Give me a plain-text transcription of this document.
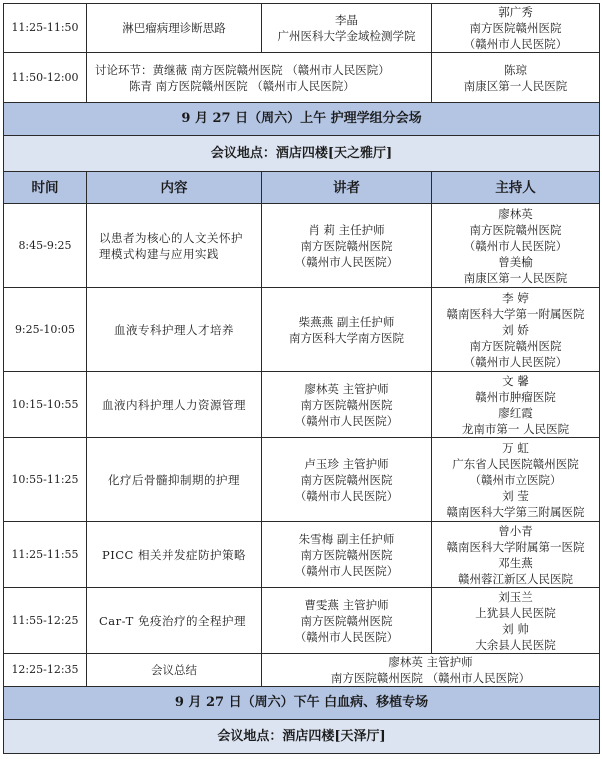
11:25-11:50	淋巴瘤病理诊断思路	李晶
广州医科大学金域检测学院	郭广秀
南方医院赣州医院
（赣州市人民医院）

11:50-12:00	讨论环节：黄继薇 南方医院赣州医院 （赣州市人民医院）
陈青 南方医院赣州医院 （赣州市人民医院）		陈琼
南康区第一人民医院

9 月 27 日（周六）上午 护理学组分会场			
会议地点：酒店四楼[天之雅厅]			
时间	内容	讲者	主持人
8:45-9:25	以患者为核心的人文关怀护理模式构建与应用实践	肖 莉 主任护师
南方医院赣州医院
（赣州市人民医院）	廖林英
南方医院赣州医院
（赣州市人民医院）
曾美榆
南康区第一人民医院

9:25-10:05	血液专科护理人才培养	柴燕燕 副主任护师
南方医科大学南方医院	李 婷
赣南医科大学第一附属医院
刘 娇
南方医院赣州医院
（赣州市人民医院）

10:15-10:55	血液内科护理人力资源管理	廖林英 主管护师
南方医院赣州医院
（赣州市人民医院）	文 馨
赣州市肿瘤医院
廖红霞
龙南市第一 人民医院

10:55-11:25	化疗后骨髓抑制期的护理	卢玉珍 主管护师
南方医院赣州医院
（赣州市人民医院）	万 虹
广东省人民医院赣州医院
（赣州市立医院）
刘 莹
赣南医科大学第三附属医院

11:25-11:55	PICC 相关并发症防护策略	朱雪梅 副主任护师
南方医院赣州医院
（赣州市人民医院）	曾小青
赣南医科大学附属第一医院
邓生燕
赣州蓉江新区人民医院

11:55-12:25	Car-T 免疫治疗的全程护理	曹雯燕 主管护师
南方医院赣州医院
（赣州市人民医院）	刘玉兰
上犹县人民医院
刘 帅
大余县人民医院

12:25-12:35	会议总结	廖林英 主管护师
南方医院赣州医院 （赣州市人民医院）	

9 月 27 日（周六）下午 白血病、移植专场			
会议地点：酒店四楼[天泽厅]			
